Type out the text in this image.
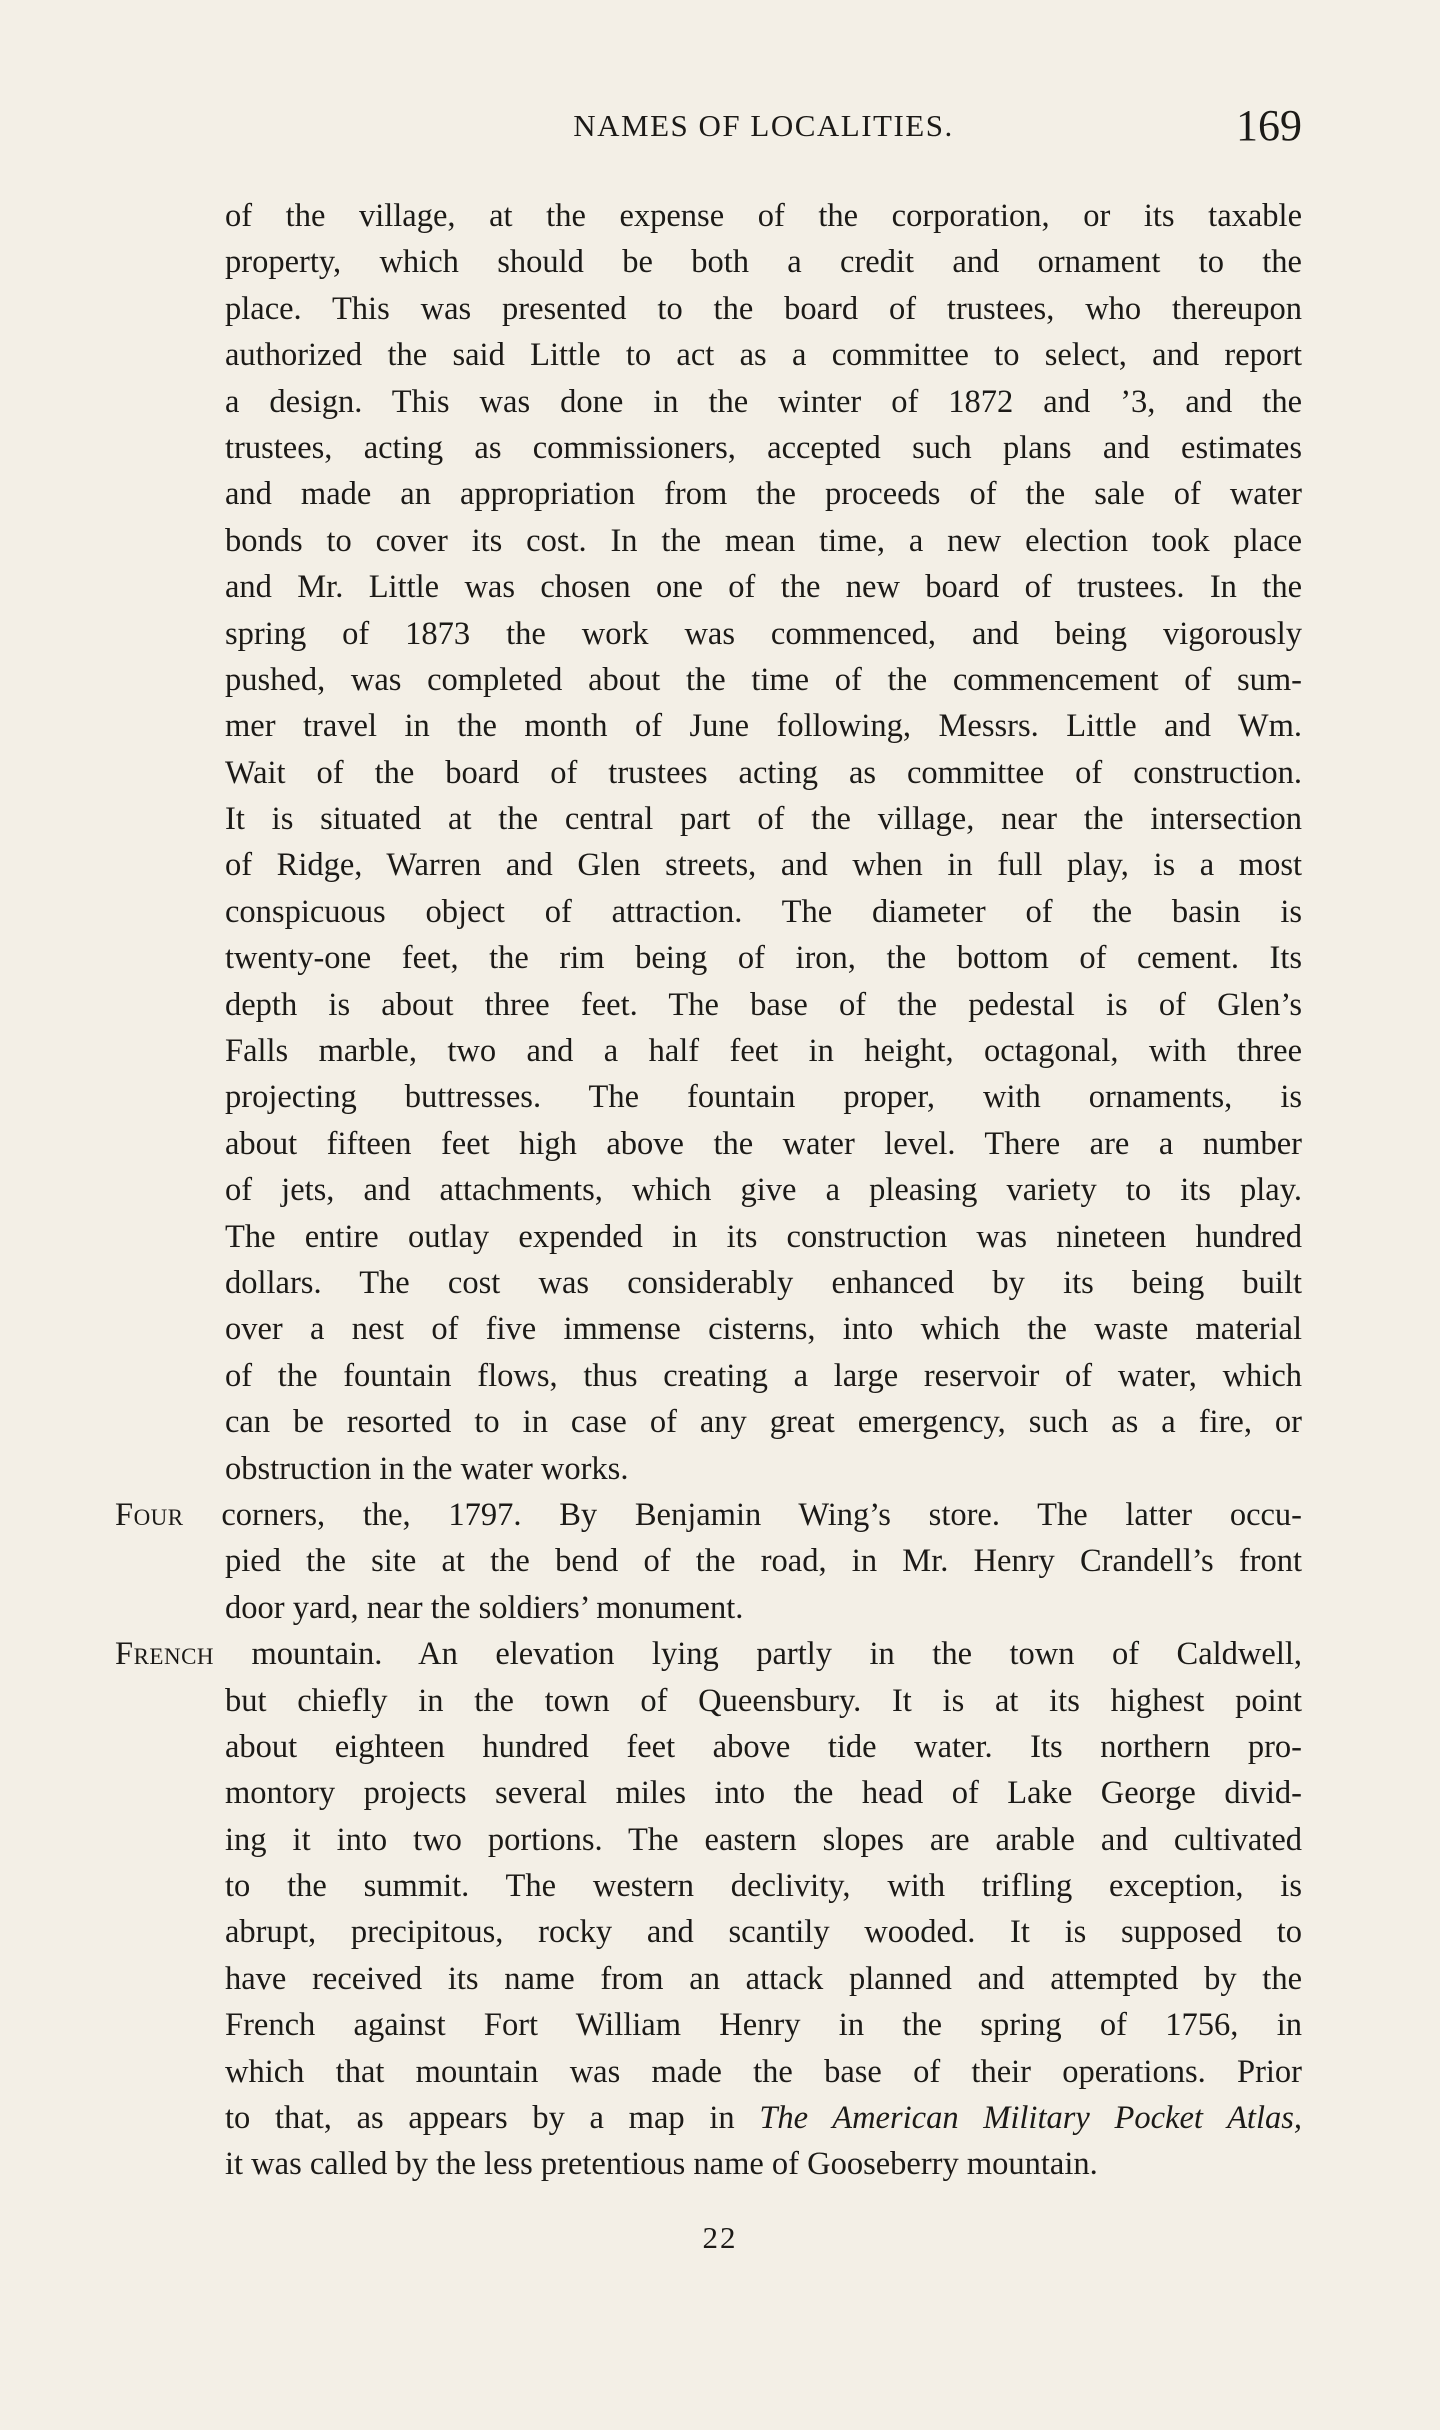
NAMES OF LOCALITIES.	169
of the village, at the expense of the corporation, or its taxable
property, which should be both a credit and ornament to the
place. This was presented to the board of trustees, who thereupon
authorized the said Little to act as a committee to select, and report
a design. This was done in the winter of 1872 and ’3, and the
trustees, acting as commissioners, accepted such plans and estimates
and made an appropriation from the proceeds of the sale of water
bonds to cover its cost. In the mean time, a new election took place
and Mr. Little was chosen one of the new board of trustees. In the
spring of 1873 the work was commenced, and being vigorously
pushed, was completed about the time of the commencement of sum-
mer travel in the month of June following, Messrs. Little and Wm.
Wait of the board of trustees acting as committee of construction.
It is situated at the central part of the village, near the intersection
of Ridge, Warren and Glen streets, and when in full play, is a most
conspicuous object of attraction. The diameter of the basin is
twenty-one feet, the rim being of iron, the bottom of cement. Its
depth is about three feet. The base of the pedestal is of Glen’s
Falls marble, two and a half feet in height, octagonal, with three
projecting buttresses. The fountain proper, with ornaments, is
about fifteen feet high above the water level. There are a number
of jets, and attachments, which give a pleasing variety to its play.
The entire outlay expended in its construction was nineteen hundred
dollars. The cost was considerably enhanced by its being built
over a nest of five immense cisterns, into which the waste material
of the fountain flows, thus creating a large reservoir of water, which
can be resorted to in case of any great emergency, such as a fire, or
obstruction in the water works.
Four corners, the, 1797. By Benjamin Wing’s store. The latter occu-
pied the site at the bend of the road, in Mr. Henry Crandell’s front
door yard, near the soldiers’ monument.
French mountain. An elevation lying partly in the town of Caldwell,
but chiefly in the town of Queensbury. It is at its highest point
about eighteen hundred feet above tide water. Its northern pro-
montory projects several miles into the head of Lake George divid-
ing it into two portions. The eastern slopes are arable and cultivated
to the summit. The western declivity, with trifling exception, is
abrupt, precipitous, rocky and scantily wooded. It is supposed to
have received its name from an attack planned and attempted by the
French against Fort William Henry in the spring of 1756, in
which that mountain was made the base of their operations. Prior
to that, as appears by a map in The American Military Pocket Atlas,
it was called by the less pretentious name of Gooseberry mountain.
22
